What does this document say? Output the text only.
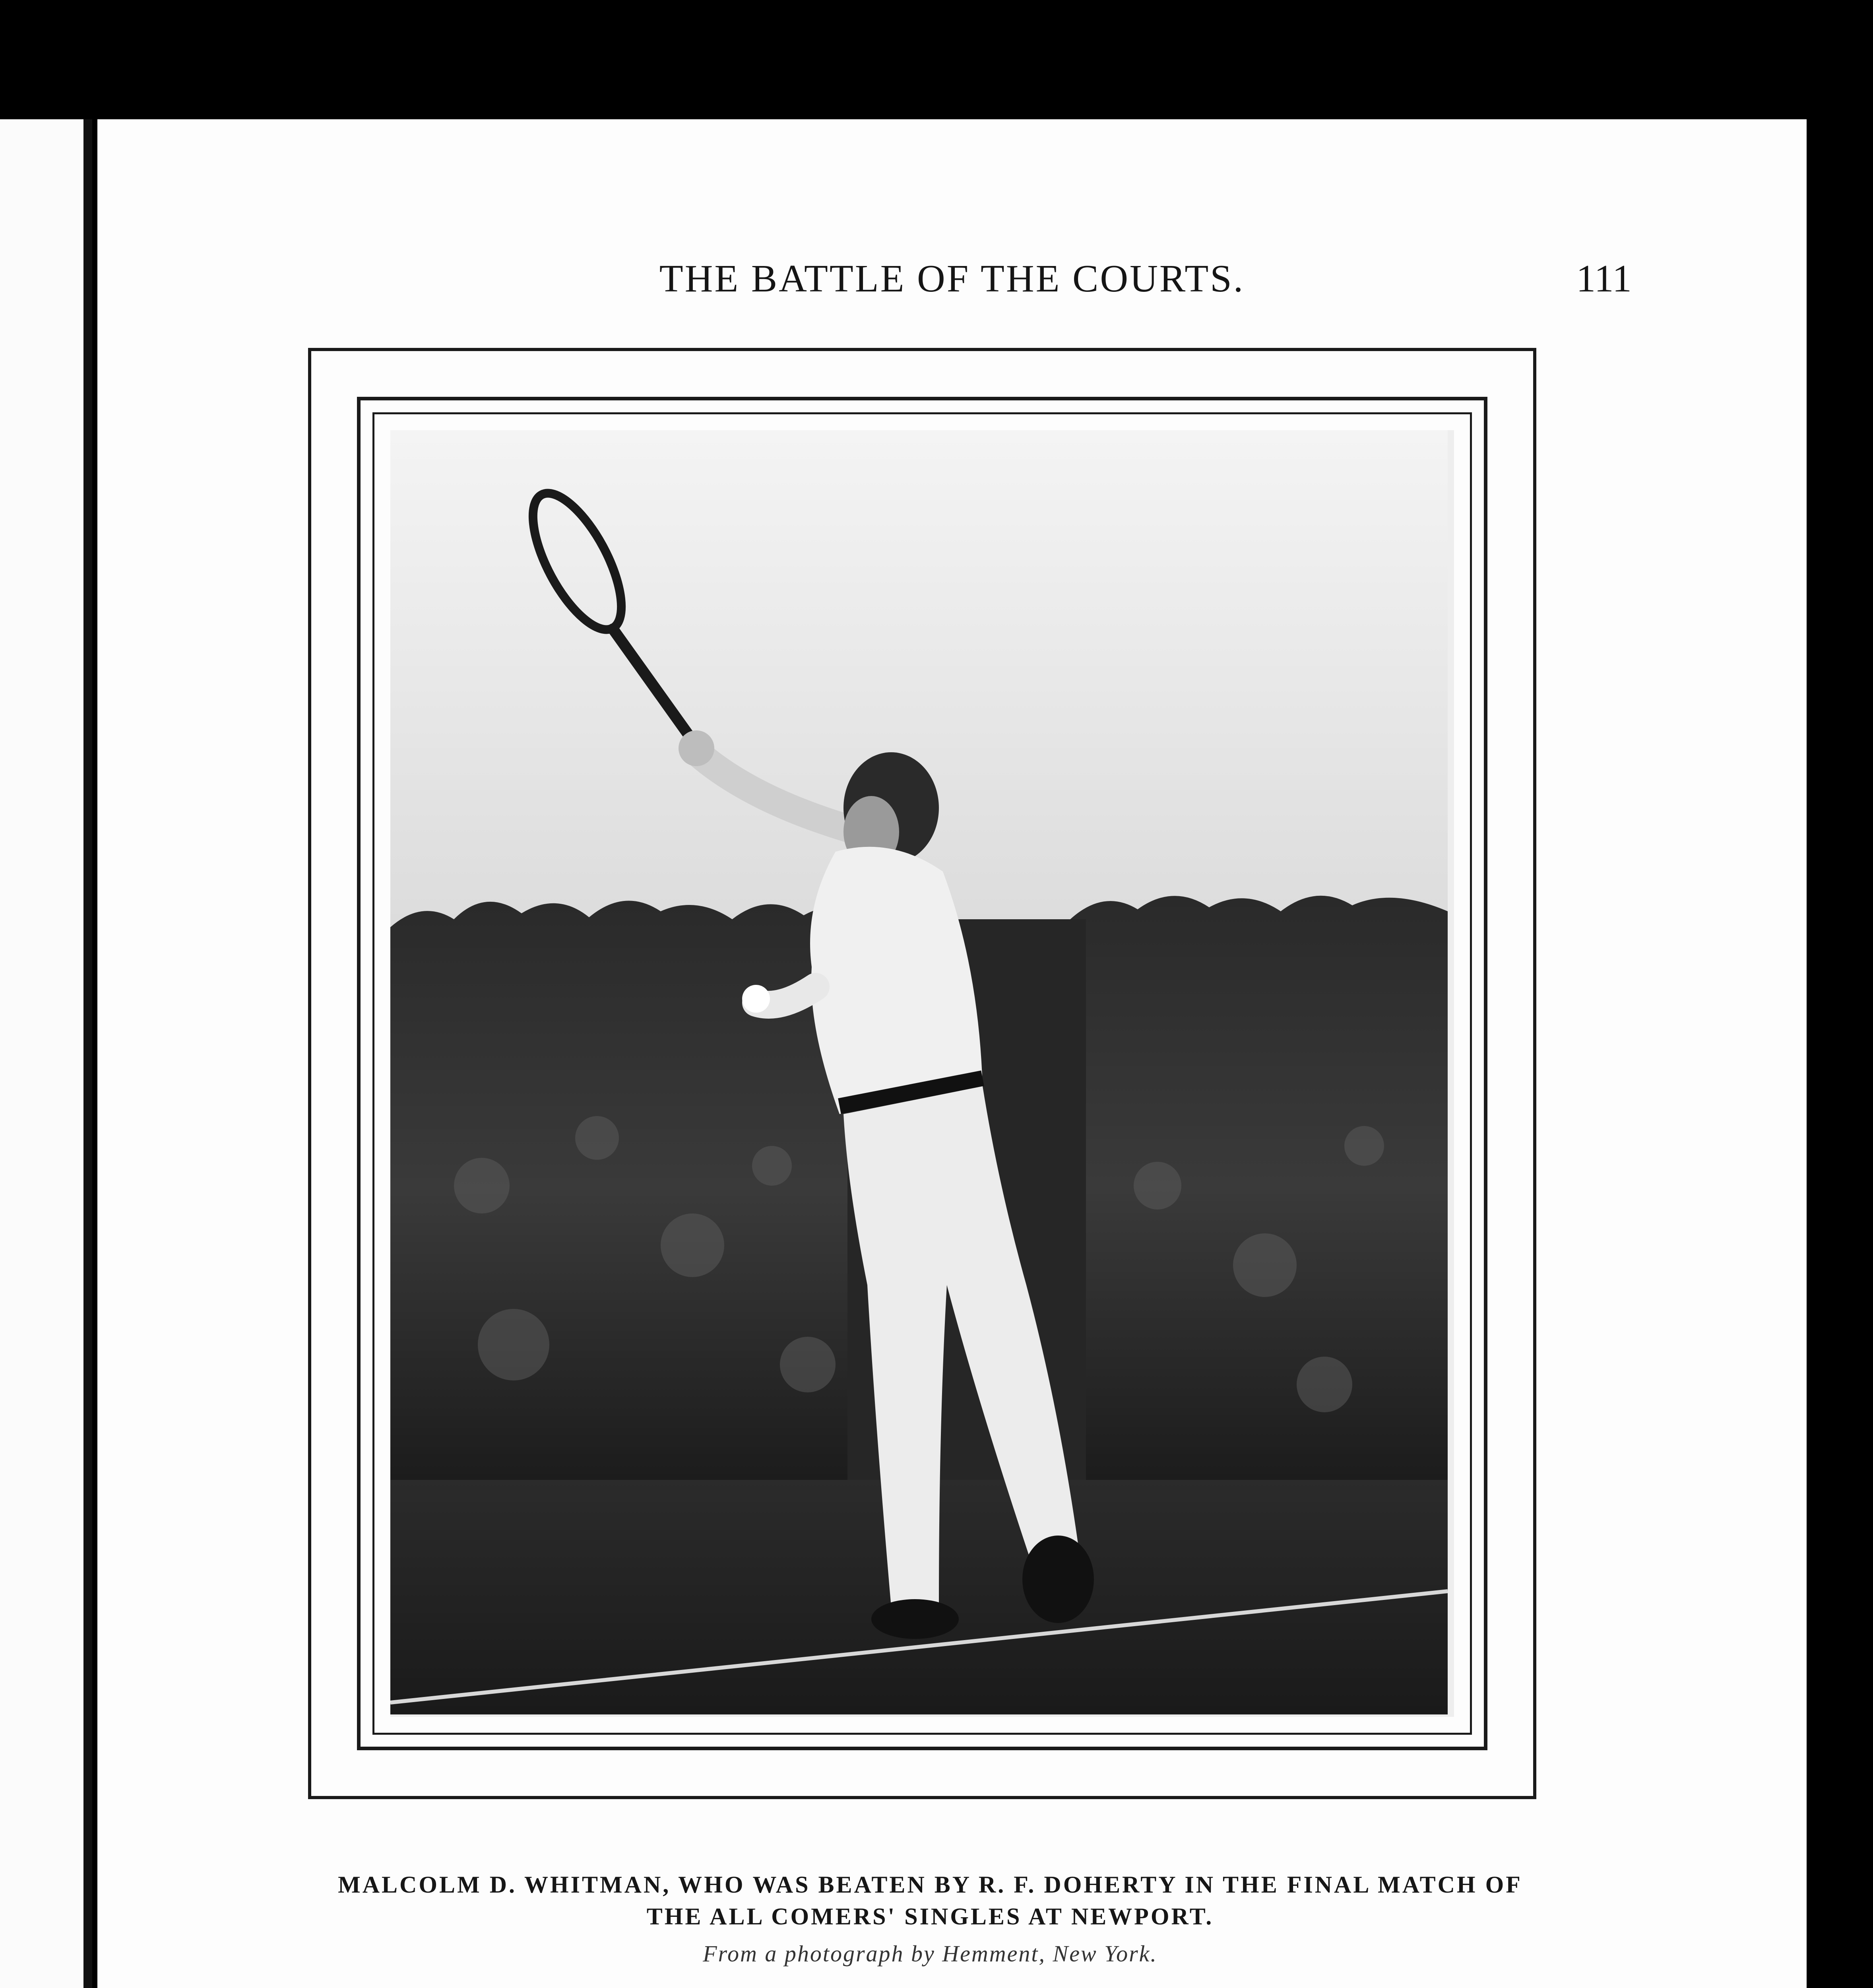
THE BATTLE OF THE COURTS.	111
MALCOLM D. WHITMAN, WHO WAS BEATEN BY R. F. DOHERTY IN THE FINAL MATCH OF
THE ALL COMERS' SINGLES AT NEWPORT.
From a photograph by Hemment, New York.
